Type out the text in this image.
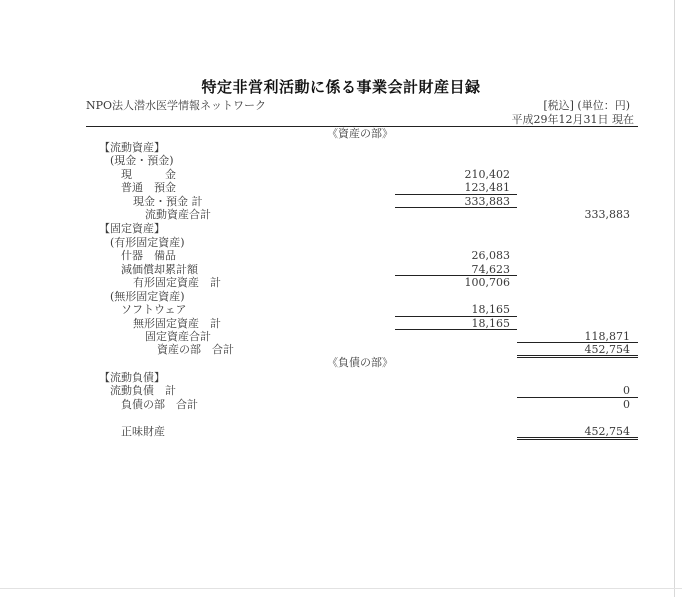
特定非営利活動に係る事業会計財産目録
NPO法人潜水医学情報ネットワーク	[税込] (単位：円)
平成29年12月31日 現在
《資産の部》
【流動資産】
(現金・預金)
現　　　金	210,402
普通　預金	123,481
現金・預金 計	333,883
流動資産合計	333,883
【固定資産】
(有形固定資産)
什器　備品	26,083
減価償却累計額	74,623
有形固定資産　計	100,706
(無形固定資産)
ソフトウェア	18,165
無形固定資産　計	18,165
固定資産合計	118,871
資産の部　合計	452,754
《負債の部》
【流動負債】
流動負債　計	0
負債の部　合計	0
正味財産	452,754
